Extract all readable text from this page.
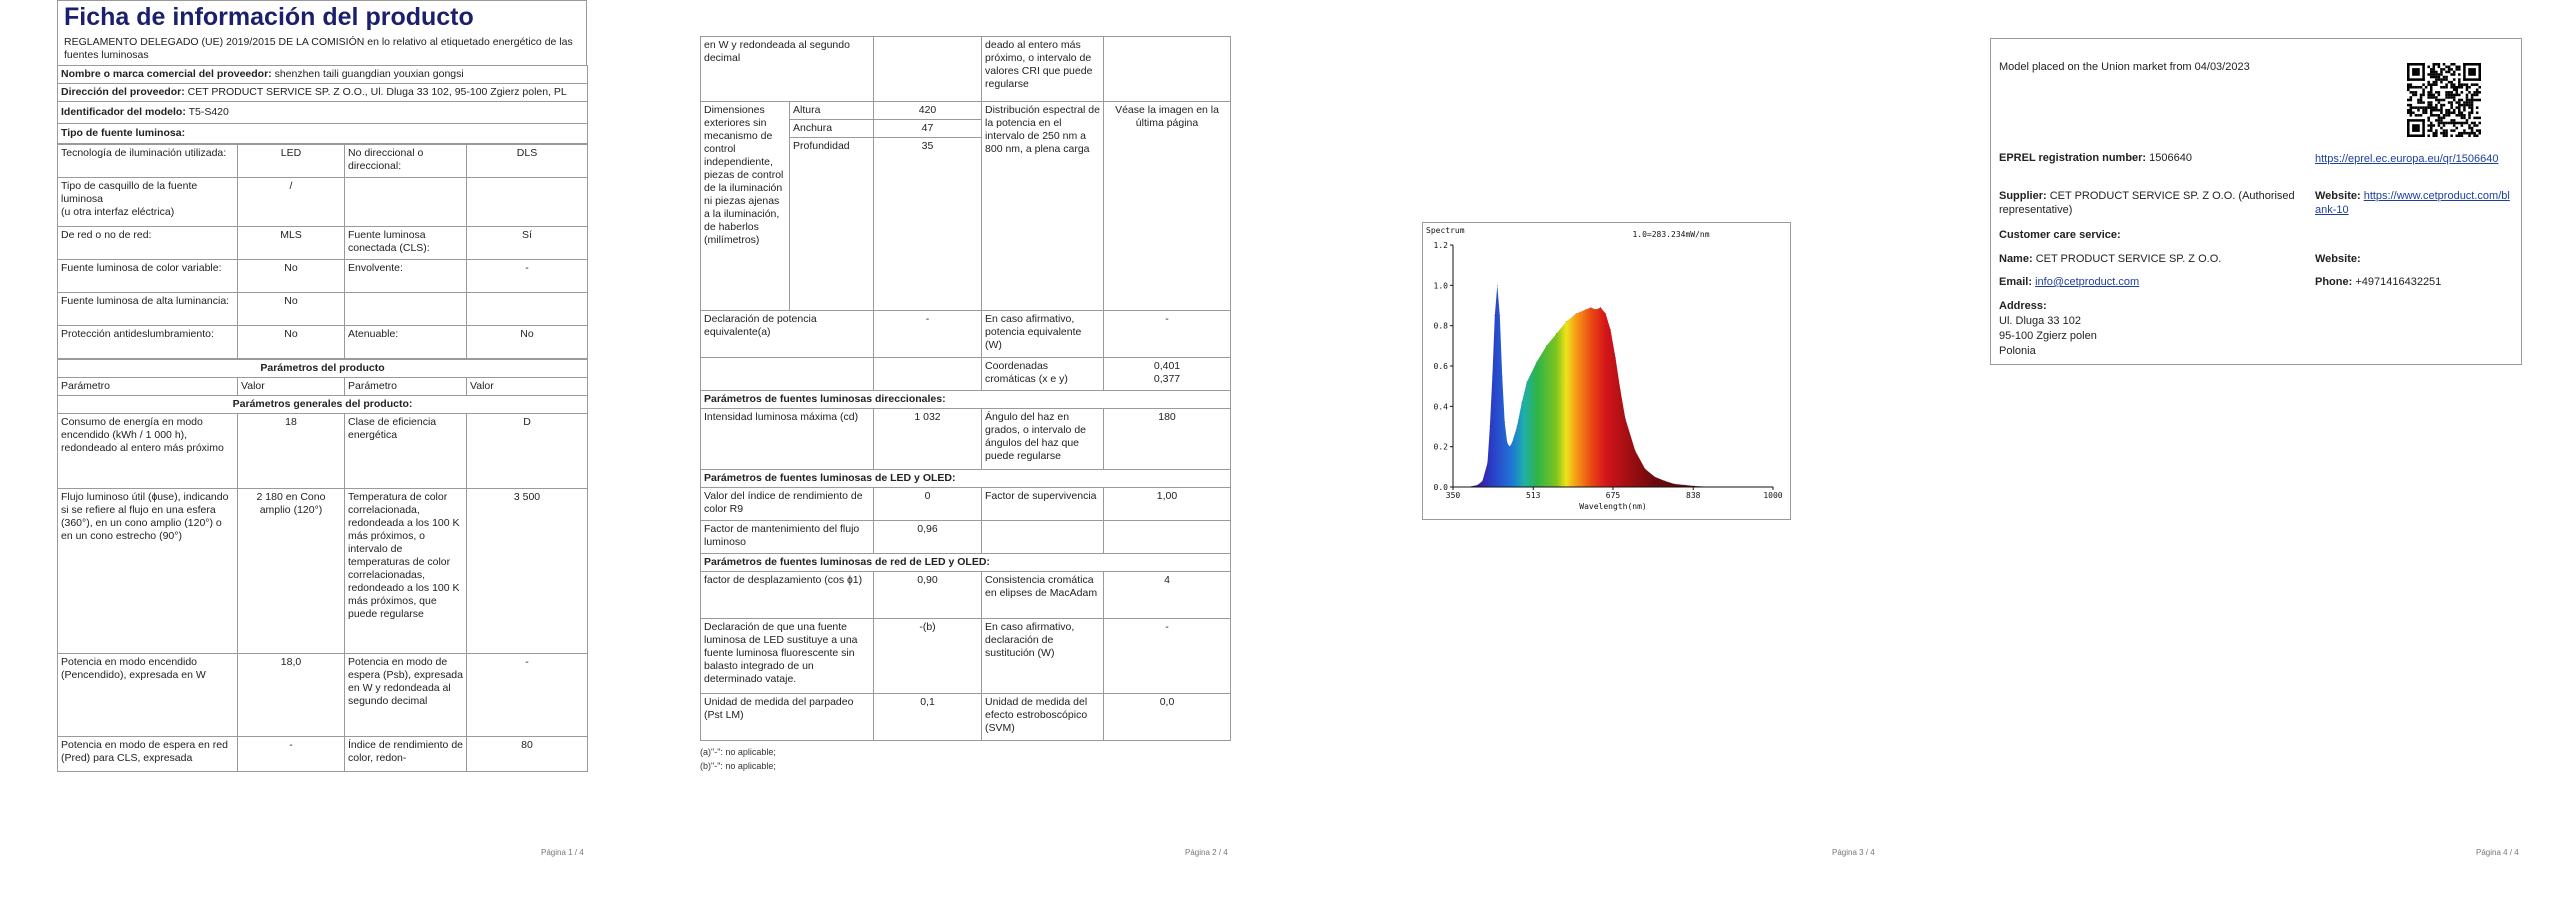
Ficha de información del producto
REGLAMENTO DELEGADO (UE) 2019/2015 DE LA COMISIÓN en lo relativo al etiquetado energético de las fuentes luminosas
Nombre o marca comercial del proveedor: shenzhen taili guangdian youxian gongsi
Dirección del proveedor: CET PRODUCT SERVICE SP. Z O.O., Ul. Dluga 33 102, 95-100 Zgierz polen, PL
Identificador del modelo: T5-S420
Tipo de fuente luminosa:
Tecnología de iluminación utilizada:	LED	No direccional o direccional:	DLS
Tipo de casquillo de la fuente luminosa
(u otra interfaz eléctrica)	/		
De red o no de red:	MLS	Fuente luminosa conectada (CLS):	Sí
Fuente luminosa de color variable:	No	Envolvente:	-
Fuente luminosa de alta luminancia:	No		
Protección antideslumbramiento:	No	Atenuable:	No
Parámetros del producto			
Parámetro	Valor	Parámetro	Valor
Parámetros generales del producto:			
Consumo de energía en modo encendido (kWh / 1 000 h), redondeado al entero más próximo	18	Clase de eficiencia energética	D
Flujo luminoso útil (ɸuse), indicando si se refiere al flujo en una esfera (360°), en un cono amplio (120°) o en un cono estrecho (90°)	2 180 en Cono amplio (120°)	Temperatura de color correlacionada, redondeada a los 100 K más próximos, o intervalo de temperaturas de color correlacionadas, redondeado a los 100 K más próximos, que puede regularse	3 500
Potencia en modo encendido (Pencendido), expresada en W	18,0	Potencia en modo de espera (Psb), expresada en W y redondeada al segundo decimal	-
Potencia en modo de espera en red (Pred) para CLS, expresada	-	Índice de rendimiento de color, redon-	80
Página 1 / 4
en W y redondeada al segundo decimal			deado al entero más próximo, o intervalo de valores CRI que puede regularse	
Dimensiones exteriores sin mecanismo de control independiente, piezas de control de la iluminación ni piezas ajenas a la iluminación, de haberlos (milímetros)	Altura	420	Distribución espectral de la potencia en el intervalo de 250 nm a 800 nm, a plena carga	Véase la imagen en la última página
	Anchura	47		
	Profundidad	35		
Declaración de potencia equivalente(a)		-	En caso afirmativo, potencia equivalente (W)	-
			Coordenadas cromáticas (x e y)	0,401
0,377
Parámetros de fuentes luminosas direccionales:				
Intensidad luminosa máxima (cd)		1 032	Ángulo del haz en grados, o intervalo de ángulos del haz que puede regularse	180
Parámetros de fuentes luminosas de LED y OLED:				
Valor del índice de rendimiento de color R9		0	Factor de supervivencia	1,00
Factor de mantenimiento del flujo luminoso		0,96		
Parámetros de fuentes luminosas de red de LED y OLED:				
factor de desplazamiento (cos ɸ1)		0,90	Consistencia cromática en elipses de MacAdam	4
Declaración de que una fuente luminosa de LED sustituye a una fuente luminosa fluorescente sin balasto integrado de un determinado vataje.		-(b)	En caso afirmativo, declaración de sustitución (W)	-
Unidad de medida del parpadeo (Pst LM)		0,1	Unidad de medida del efecto estroboscópico (SVM)	0,0
(a)"-": no aplicable;
(b)"-": no aplicable;
Página 2 / 4
350	513	675	838	1000
0.0
0.2
0.4
0.6
0.8
1.0
1.2
Spectrum	1.0=283.234mW/nm
Wavelength(nm)
Página 3 / 4
Model placed on the Union market from 04/03/2023
EPREL registration number: 1506640	https://eprel.ec.europa.eu/qr/1506640
Supplier: CET PRODUCT SERVICE SP. Z O.O. (Authorised representative)
Website: https://www.cetproduct.com/blank-10
Customer care service:
Name: CET PRODUCT SERVICE SP. Z O.O.	Website:
Email: info@cetproduct.com	Phone: +4971416432251
Address:
Ul. Dluga 33 102
95-100 Zgierz polen
Polonia
Página 4 / 4
